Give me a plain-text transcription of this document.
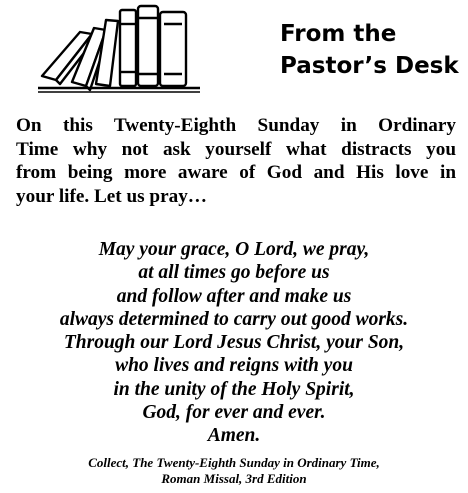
From the
Pastor’s Desk

On this Twenty-Eighth Sunday in Ordinary
Time why not ask yourself what distracts you
from being more aware of God and His love in
your life. Let us pray…

May your grace, O Lord, we pray,
at all times go before us
and follow after and make us
always determined to carry out good works.
Through our Lord Jesus Christ, your Son,
who lives and reigns with you
in the unity of the Holy Spirit,
God, for ever and ever.
Amen.
Collect, The Twenty-Eighth Sunday in Ordinary Time,
Roman Missal, 3rd Edition
